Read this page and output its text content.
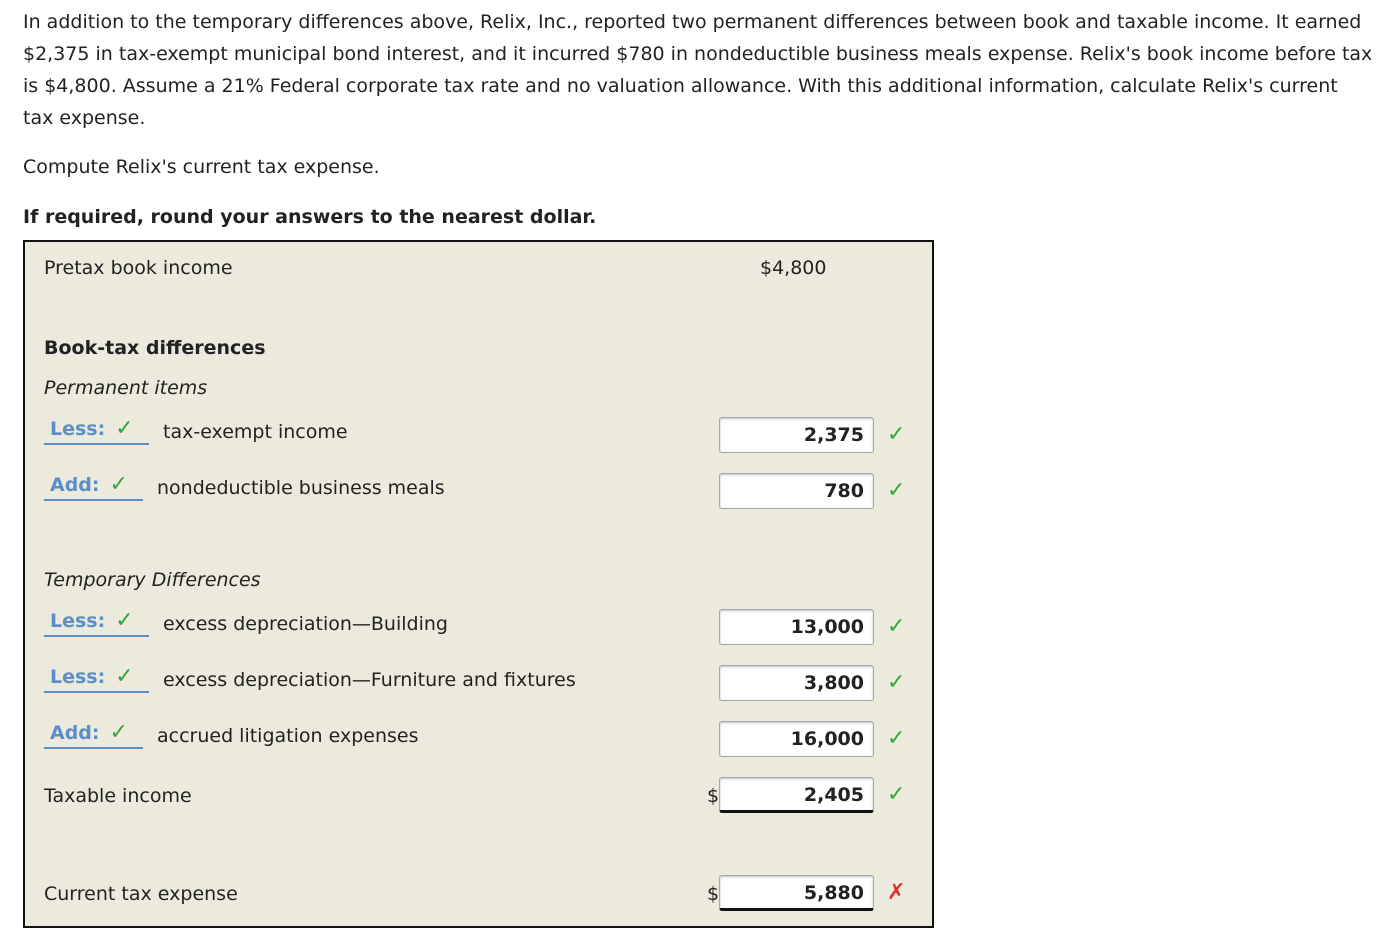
In addition to the temporary differences above, Relix, Inc., reported two permanent differences between book and taxable income. It earned $2,375 in tax-exempt municipal bond interest, and it incurred $780 in nondeductible business meals expense. Relix's book income before tax is $4,800. Assume a 21% Federal corporate tax rate and no valuation allowance. With this additional information, calculate Relix's current tax expense.

Compute Relix's current tax expense.

If required, round your answers to the nearest dollar.

Pretax book income	$4,800
Book-tax differences
Permanent items
Less: ✓ tax-exempt income	2,375	✓
Add: ✓ nondeductible business meals	780	✓
Temporary Differences
Less: ✓ excess depreciation—Building	13,000	✓
Less: ✓ excess depreciation—Furniture and fixtures	3,800	✓
Add: ✓ accrued litigation expenses	16,000	✓
Taxable income	$	2,405	✓
Current tax expense	$	5,880	✗
